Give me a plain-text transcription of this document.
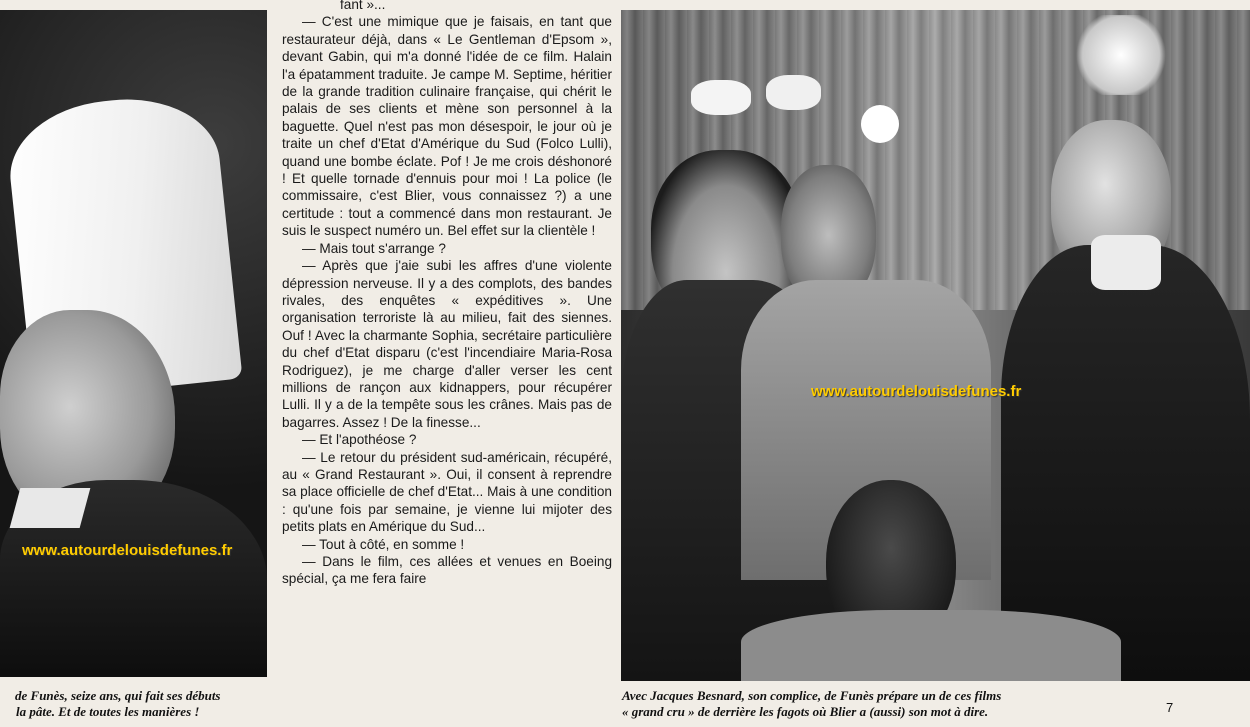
www.autourdelouisdefunes.fr

fant »...

— C'est une mimique que je faisais, en tant que restaurateur déjà, dans « Le Gentleman d'Epsom », devant Gabin, qui m'a donné l'idée de ce film. Halain l'a épatamment traduite. Je campe M. Septime, héritier de la grande tradition culinaire française, qui chérit le palais de ses clients et mène son personnel à la baguette. Quel n'est pas mon désespoir, le jour où je traite un chef d'Etat d'Amérique du Sud (Folco Lulli), quand une bombe éclate. Pof ! Je me crois déshonoré ! Et quelle tornade d'ennuis pour moi ! La police (le commissaire, c'est Blier, vous connaissez ?) a une certitude : tout a commencé dans mon restaurant. Je suis le suspect numéro un. Bel effet sur la clientèle !

— Mais tout s'arrange ?

— Après que j'aie subi les affres d'une violente dépression nerveuse. Il y a des complots, des bandes rivales, des enquêtes « expéditives ». Une organisation terroriste là au milieu, fait des siennes. Ouf ! Avec la charmante Sophia, secrétaire particulière du chef d'Etat disparu (c'est l'incendiaire Maria-Rosa Rodriguez), je me charge d'aller verser les cent millions de rançon aux kidnappers, pour récupérer Lulli. Il y a de la tempête sous les crânes. Mais pas de bagarres. Assez ! De la finesse...

— Et l'apothéose ?

— Le retour du président sud-américain, récupéré, au « Grand Restaurant ». Oui, il consent à reprendre sa place officielle de chef d'Etat... Mais à une condition : qu'une fois par semaine, je vienne lui mijoter des petits plats en Amérique du Sud...

— Tout à côté, en somme !

— Dans le film, ces allées et venues en Boeing spécial, ça me fera faire

www.autourdelouisdefunes.fr
de Funès, seize ans, qui fait ses débuts
la pâte. Et de toutes les manières !
Avec Jacques Besnard, son complice, de Funès prépare un de ces films
« grand cru » de derrière les fagots où Blier a (aussi) son mot à dire.	7
